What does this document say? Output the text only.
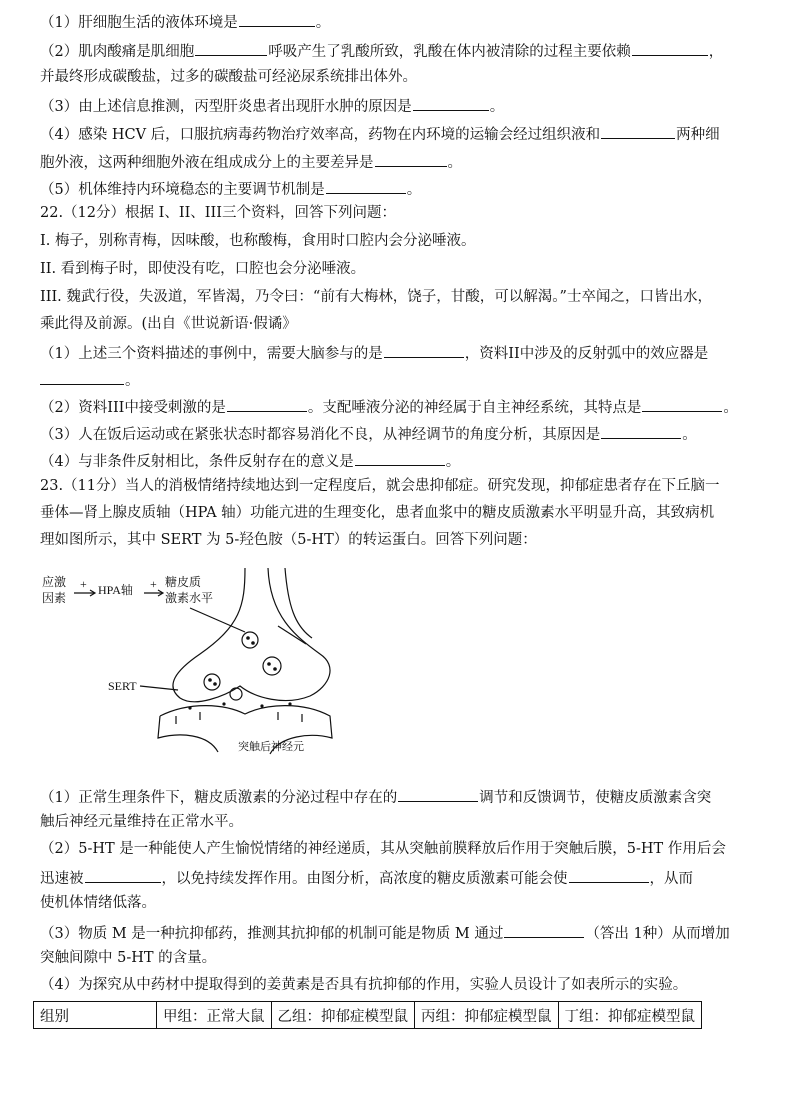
（1）肝细胞生活的液体环境是	。
（2）肌肉酸痛是肌细胞	呼吸产生了乳酸所致，乳酸在体内被清除的过程主要依赖	，
并最终形成碳酸盐，过多的碳酸盐可经泌尿系统排出体外。
（3）由上述信息推测，丙型肝炎患者出现肝水肿的原因是	。
（4）感染 HCV 后，口服抗病毒药物治疗效率高，药物在内环境的运输会经过组织液和	两种细
胞外液，这两种细胞外液在组成成分上的主要差异是	。
（5）机体维持内环境稳态的主要调节机制是	。
22.（12分）根据 I、II、III三个资料，回答下列问题：
I. 梅子，别称青梅，因味酸，也称酸梅，食用时口腔内会分泌唾液。
II. 看到梅子时，即使没有吃，口腔也会分泌唾液。
III. 魏武行役，失汲道，军皆渴，乃令曰：“前有大梅林，饶子，甘酸，可以解渴。”士卒闻之，口皆出水，
乘此得及前源。(出自《世说新语·假谲》
（1）上述三个资料描述的事例中，需要大脑参与的是	，资料II中涉及的反射弧中的效应器是
。
（2）资料III中接受刺激的是	。支配唾液分泌的神经属于自主神经系统，其特点是	。
（3）人在饭后运动或在紧张状态时都容易消化不良，从神经调节的角度分析，其原因是	。
（4）与非条件反射相比，条件反射存在的意义是	。
23.（11分）当人的消极情绪持续地达到一定程度后，就会患抑郁症。研究发现，抑郁症患者存在下丘脑一
垂体—肾上腺皮质轴（HPA 轴）功能亢进的生理变化，患者血浆中的糖皮质激素水平明显升高，其致病机
理如图所示，其中 SERT 为 5-羟色胺（5-HT）的转运蛋白。回答下列问题：
应激
因素
HPA轴
糖皮质
激素水平
SERT
突触后神经元
+	+
（1）正常生理条件下，糖皮质激素的分泌过程中存在的	调节和反馈调节，使糖皮质激素含突
触后神经元量维持在正常水平。
（2）5-HT 是一种能使人产生愉悦情绪的神经递质，其从突触前膜释放后作用于突触后膜，5-HT 作用后会
迅速被	，以免持续发挥作用。由图分析，高浓度的糖皮质激素可能会使	，从而
使机体情绪低落。
（3）物质 M 是一种抗抑郁药，推测其抗抑郁的机制可能是物质 M 通过	（答出 1种）从而增加
突触间隙中 5-HT 的含量。
（4）为探究从中药材中提取得到的姜黄素是否具有抗抑郁的作用，实验人员设计了如表所示的实验。
组别	甲组：正常大鼠	乙组：抑郁症模型鼠	丙组：抑郁症模型鼠	丁组：抑郁症模型鼠
